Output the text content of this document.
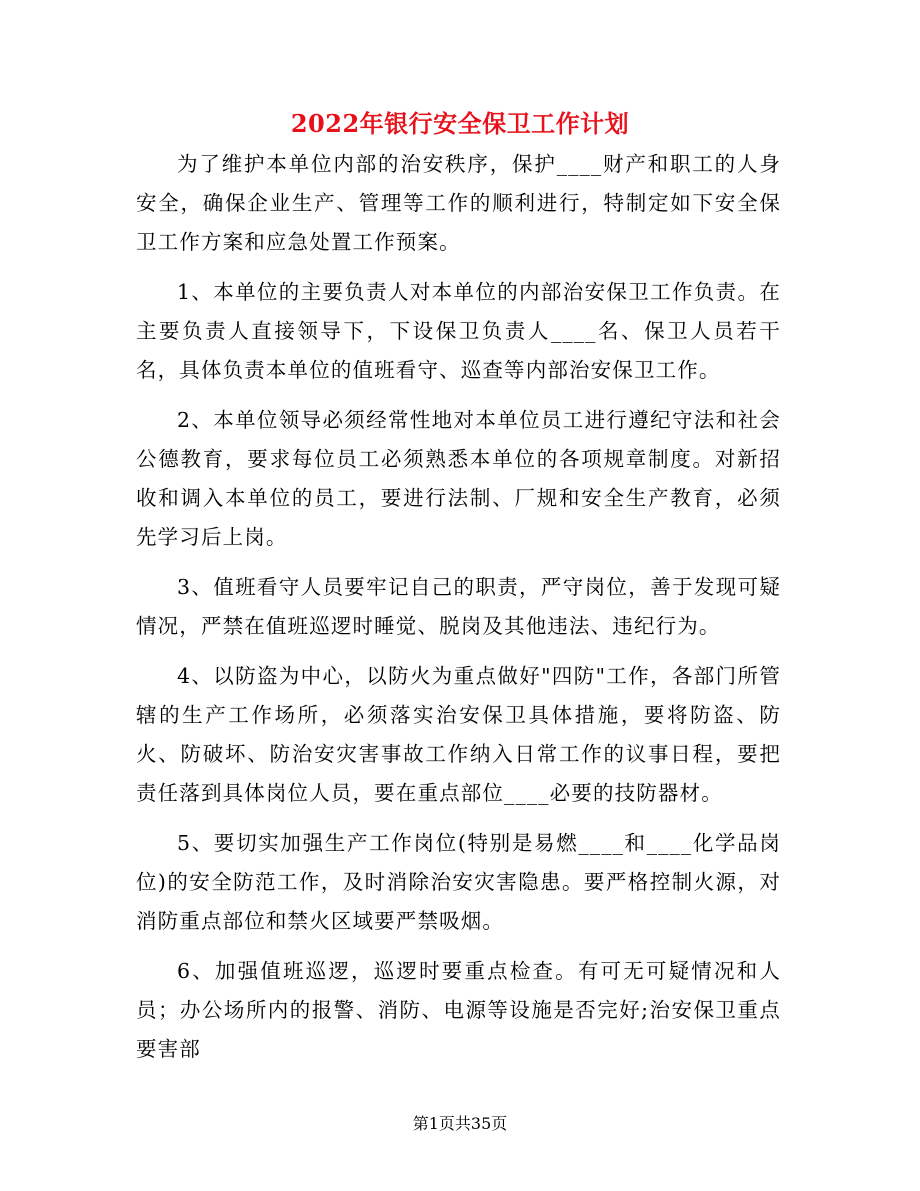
2022年银行安全保卫工作计划

为了维护本单位内部的治安秩序，保护____财产和职工的人身安全，确保企业生产、管理等工作的顺利进行，特制定如下安全保卫工作方案和应急处置工作预案。

1、本单位的主要负责人对本单位的内部治安保卫工作负责。在主要负责人直接领导下，下设保卫负责人____名、保卫人员若干名，具体负责本单位的值班看守、巡查等内部治安保卫工作。

2、本单位领导必须经常性地对本单位员工进行遵纪守法和社会公德教育，要求每位员工必须熟悉本单位的各项规章制度。对新招收和调入本单位的员工，要进行法制、厂规和安全生产教育，必须先学习后上岗。

3、值班看守人员要牢记自己的职责，严守岗位，善于发现可疑情况，严禁在值班巡逻时睡觉、脱岗及其他违法、违纪行为。

4、以防盗为中心，以防火为重点做好"四防"工作，各部门所管辖的生产工作场所，必须落实治安保卫具体措施，要将防盗、防火、防破坏、防治安灾害事故工作纳入日常工作的议事日程，要把责任落到具体岗位人员，要在重点部位____必要的技防器材。

5、要切实加强生产工作岗位(特别是易燃____和____化学品岗位)的安全防范工作，及时消除治安灾害隐患。要严格控制火源，对消防重点部位和禁火区域要严禁吸烟。

6、加强值班巡逻，巡逻时要重点检查。有可无可疑情况和人员；办公场所内的报警、消防、电源等设施是否完好;治安保卫重点要害部

第1页共35页
